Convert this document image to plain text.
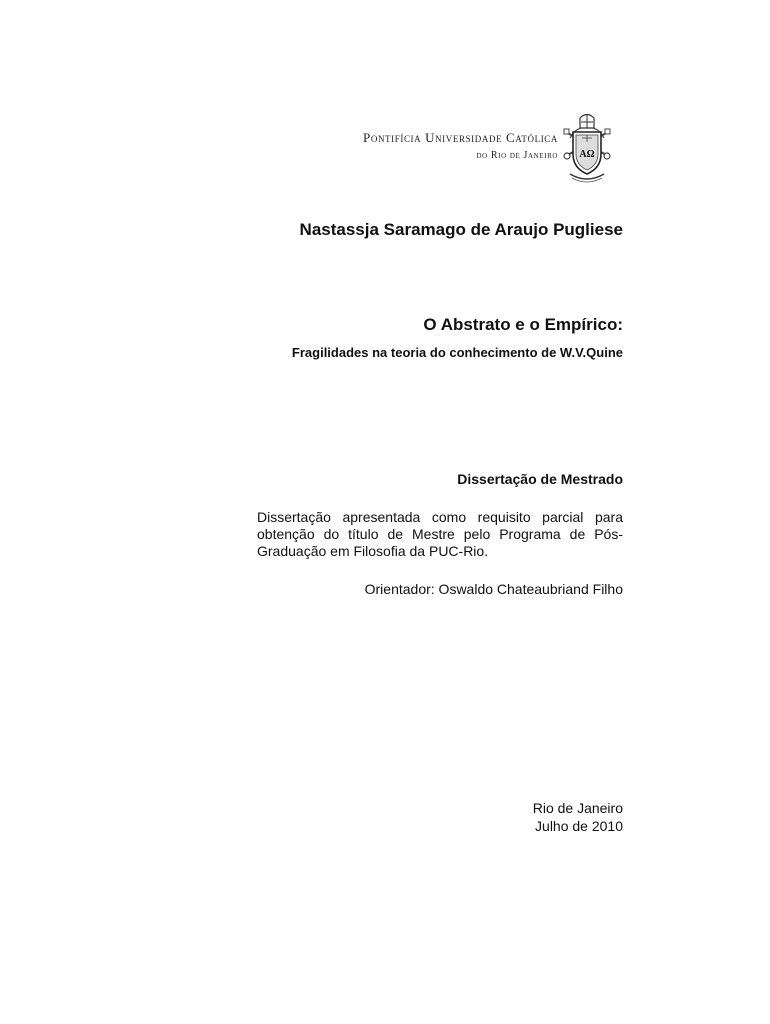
Pontifícia Universidade Católica
do Rio de Janeiro AΩ
Nastassja Saramago de Araujo Pugliese
O Abstrato e o Empírico:
Fragilidades na teoria do conhecimento de W.V.Quine
Dissertação de Mestrado
Dissertação apresentada como requisito parcial para
obtenção do título de Mestre pelo Programa de Pós-
Graduação em Filosofia da PUC-Rio.
Orientador: Oswaldo Chateaubriand Filho
Rio de Janeiro
Julho de 2010
